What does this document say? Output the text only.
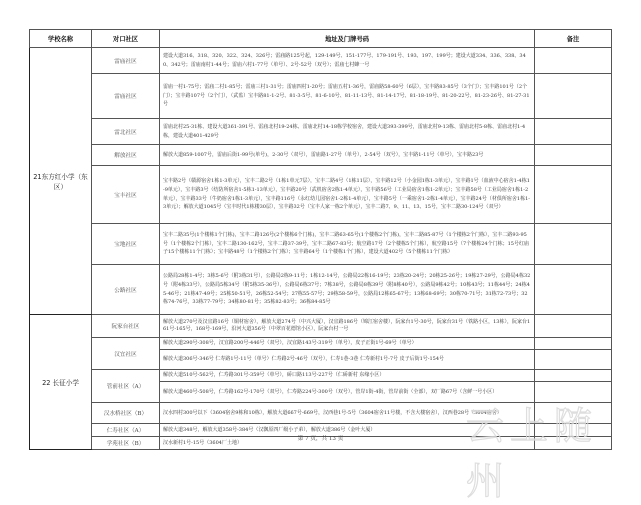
学校名称	对口社区	地址及门牌号码	备注
21东方红小学（东区）	雷庙社区	建设大道316、318、320、322、324、326号；雷庙路125号起，129-149号、151-177号、179-191号、193、197、199号；建设大道334、336、338、340、342号；雷庙南村1-44号；雷庙六村1-77号（单号）、2号-52号（双号）；雷庙七村蜂一号	
	雷庙社区	雷庙一村1-75号；雷庙二村1-85号；雷庙三村1-31号；雷庙四村1-20号；雷庙五村1-36号，雷庙路58-60号（6层），宝丰路83-85号（3个门）；宝丰路101号（2个门）；宝丰路107号（2个门），（武监）宝丰路81-1-2号、81-3-5号、81-6-10号、81-11-13号、81-14-17号、81-18-19号、81-20-22号、81-23-26号、81-27-31号	
	雷北社区	雷庙北村25-31栋、建设大道361-391号、雷庙北村19-24栋、雷庙北村14-18栋学校宿舍，建设大道393-399号，雷庙北村9-13栋、雷庙北村5-8栋、雷庙北村1-4栋，建设大道401-429号	
	解放社区	解放大道859-1007号，雷庙后街1-99号(单号)，2-30号（双号），雷庙路1-27号（单号），2-54号（双号），宝丰路1-11号（单号），宝丰路23号	
	宝丰社区	宝丰路2号（赣源宿舍1栋1-3单元），宝丰二路2号（1栋1单元7层），宝丰二路4号（1栋11层），宝丰路12号（小金园1栋1-3单元），宝丰路1号（血液中心宿舍1-4栋1-9单元），宝丰路3号（结防所宿舍1-5栋1-13单元），宝丰路20号（武机宿舍2栋1-4单元），宝丰路56号（工业局宿舍1栋1-2单元）；宝丰路58号（工业局宿舍1栋1-2单元），宝丰路33号（牛奶宿舍1栋1-3单元），宝丰路116号（永红幼儿园宿舍1-2栋1-4单元），宝丰路5号（一乘宿舍1-2栋1-4单元），宝丰路24号（材俱所宿舍1栋1-3单元）；解放大道1045号（宝丰时代1栋楼30层），宝丰路32号（宝丰人家一栋2个单元），宝丰二路7、9、11、13、15号，宝丰二路30-124号（双号）	
	宝地社区	宝丰二路35号(1个楼栋1个门栋)，宝丰二路126号(2个楼栋6个门栋)，宝丰二路63-65号(1个楼栋2个门栋)，宝丰二路85-87号（1个楼栋2个门栋），宝丰二路93-95号（1个楼栋2个门栋），宝丰二路130-162号，宝丰二路37-39号，宝丰二路67-83号；航空路17号（2个楼栋5个门栋），航空路15号（7个楼栋24个门栋；15号红庙子15个楼栋11个门栋）；宝丰路48号（1个楼栋2个门栋）；宝丰路64号（1个楼栋1个门栋），建设大道402号（5个楼栋11个门栋）	
	公路社区	公路局28栋1-4号；3栋5-6号（附3栋31号），公路局2栋9-11号；1栋12-14号，公路局22栋16-19号；23栋20-24号；20栋25-26号；19栋27-29号，公路局4栋32号（附4栋33号），公路局5栋34号（附5栋35-36号），公路局6栋37号；7栋38号，公路局8栋39号（附8栋40号），公路局9栋42号；10栋43号；11栋44号；24栋45-46号；21栋47-49号；25栋50-51号，26栋52-54号；27栋55-57号；29栋58-59号，公路局12栋65-67号；13栋68-69号；30栋70-71号；31栋72-73号；32栋74-76号，33栋77-79号；34栋80-81号；35栋82-83号；36栋84-85号	
22 长征小学	阮家台社区	解放大道270号及汉宜路16号（铜材宿舍），解放大道274号（中兴大厦），汉宜路186号（锦江宿舍楼），阮家台1号-30号，阮家台31号（铁路小区，13栋），阮家台161号-165号，168号-169号，沿河大道356号（中翠百花德馆小区），阮家台村一号	
	汉宜社区	解放大道290号-308号，汉宜路200号-446号（双号），汉宜路143号-319号（单号），皮子正街1号-69号（单号）	
		解放大道306号-346号 仁寿路1号-11号（单号）仁寿路2号-46号（双号），仁寿1巷-3巷 仁寿新村1号-7号 皮子后街1号-154号	
	管前社区（A）	解放大道510号-562号，仁寿路301号-359号（单号），硚口路113号-227号（仁硚新村 东缘小区）	
		解放大道460号-508号，仁寿路162号-170号（双号），仁寿路224号-300号（双号），管岸1街-4街，管岸前街（全部），双厂路67号（含鲜一号小区）	
	汉水桥社区（B）	汉水四村300号以下（3604宿舍9栋和10栋），解放大道667号-669号，汉西巷1号-5号（3604宿舍11号楼，不含大楼宿舍），汉西巷28号（3604宿舍）	
	仁寿社区（A）	解放大道348号，解放大道358号-384号（汉飘原四厂级小子弟），解放大道386号（金叶大厦）	
	学苑社区（B）	汉水新村1号-15号（3604厂土地）	
第 7 页，共 13 页	云上随州
